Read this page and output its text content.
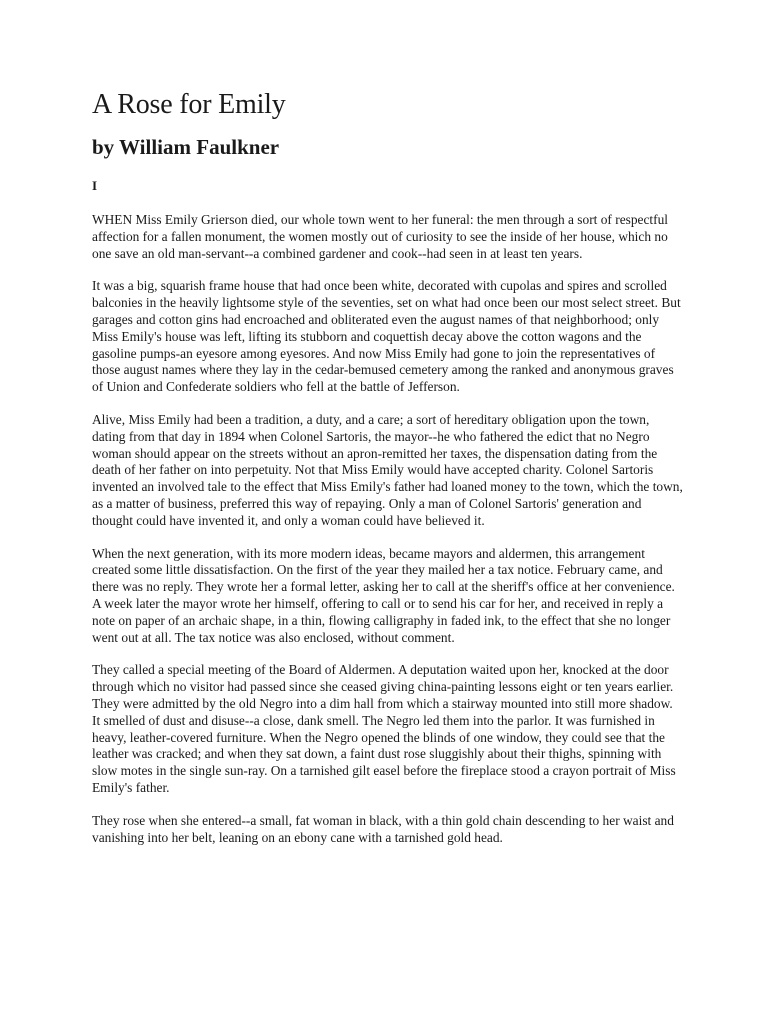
A Rose for Emily
by William Faulkner
I

WHEN Miss Emily Grierson died, our whole town went to her funeral: the men through a sort of respectful affection for a fallen monument, the women mostly out of curiosity to see the inside of her house, which no one save an old man-servant--a combined gardener and cook--had seen in at least ten years.

It was a big, squarish frame house that had once been white, decorated with cupolas and spires and scrolled balconies in the heavily lightsome style of the seventies, set on what had once been our most select street. But garages and cotton gins had encroached and obliterated even the august names of that neighborhood; only Miss Emily's house was left, lifting its stubborn and coquettish decay above the cotton wagons and the gasoline pumps-an eyesore among eyesores. And now Miss Emily had gone to join the representatives of those august names where they lay in the cedar-bemused cemetery among the ranked and anonymous graves of Union and Confederate soldiers who fell at the battle of Jefferson.

Alive, Miss Emily had been a tradition, a duty, and a care; a sort of hereditary obligation upon the town, dating from that day in 1894 when Colonel Sartoris, the mayor--he who fathered the edict that no Negro woman should appear on the streets without an apron-remitted her taxes, the dispensation dating from the death of her father on into perpetuity. Not that Miss Emily would have accepted charity. Colonel Sartoris invented an involved tale to the effect that Miss Emily's father had loaned money to the town, which the town, as a matter of business, preferred this way of repaying. Only a man of Colonel Sartoris' generation and thought could have invented it, and only a woman could have believed it.

When the next generation, with its more modern ideas, became mayors and aldermen, this arrangement created some little dissatisfaction. On the first of the year they mailed her a tax notice. February came, and there was no reply. They wrote her a formal letter, asking her to call at the sheriff's office at her convenience. A week later the mayor wrote her himself, offering to call or to send his car for her, and received in reply a note on paper of an archaic shape, in a thin, flowing calligraphy in faded ink, to the effect that she no longer went out at all. The tax notice was also enclosed, without comment.

They called a special meeting of the Board of Aldermen. A deputation waited upon her, knocked at the door through which no visitor had passed since she ceased giving china-painting lessons eight or ten years earlier. They were admitted by the old Negro into a dim hall from which a stairway mounted into still more shadow. It smelled of dust and disuse--a close, dank smell. The Negro led them into the parlor. It was furnished in heavy, leather-covered furniture. When the Negro opened the blinds of one window, they could see that the leather was cracked; and when they sat down, a faint dust rose sluggishly about their thighs, spinning with slow motes in the single sun-ray. On a tarnished gilt easel before the fireplace stood a crayon portrait of Miss Emily's father.

They rose when she entered--a small, fat woman in black, with a thin gold chain descending to her waist and vanishing into her belt, leaning on an ebony cane with a tarnished gold head.
